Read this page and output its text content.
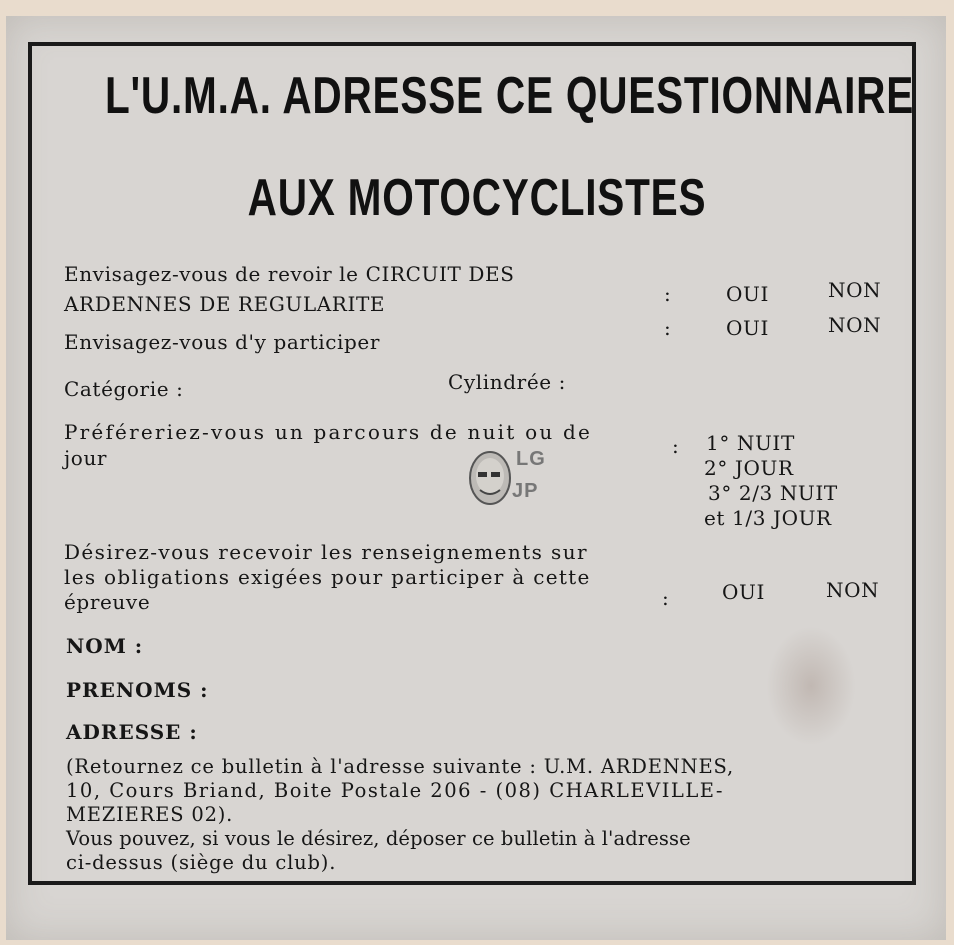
L'U.M.A. ADRESSE CE QUESTIONNAIRE
AUX MOTOCYCLISTES
Envisagez-vous de revoir le CIRCUIT DES
ARDENNES DE REGULARITE	:	OUI	NON
Envisagez-vous d'y participer
:	OUI	NON
Catégorie :	Cylindrée :
Préféreriez-vous un parcours de nuit ou de
jour	: 1° NUIT
2° JOUR
3° 2/3 NUIT
et 1/3 JOUR
LG
JP
Désirez-vous recevoir les renseignements sur
les obligations exigées pour participer à cette
épreuve	:	OUI	NON
NOM :
PRENOMS :
ADRESSE :
(Retournez ce bulletin à l'adresse suivante : U.M. ARDENNES,
10, Cours Briand, Boite Postale 206 - (08) CHARLEVILLE-
MEZIERES 02).
Vous pouvez, si vous le désirez, déposer ce bulletin à l'adresse
ci-dessus (siège du club).
